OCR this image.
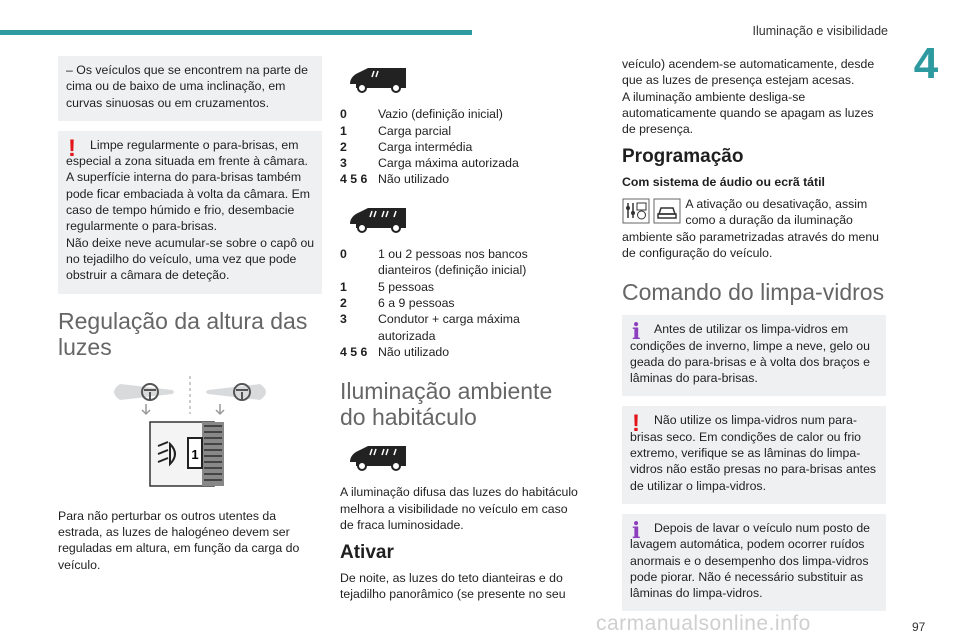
Iluminação e visibilidade
4
– Os veículos que se encontrem na parte de cima ou de baixo de uma inclinação, em curvas sinuosas ou em cruzamentos.
!	Limpe regularmente o para-brisas, em especial a zona situada em frente à câmara.
A superfície interna do para-brisas também pode ficar embaciada à volta da câmara. Em caso de tempo húmido e frio, desembacie regularmente o para-brisas.
Não deixe neve acumular-se sobre o capô ou no tejadilho do veículo, uma vez que pode obstruir a câmara de deteção.
Regulação da altura das luzes
1

Para não perturbar os outros utentes da estrada, as luzes de halogéneo devem ser reguladas em altura, em função da carga do veículo.

0	Vazio (definição inicial)
1	Carga parcial
2	Carga intermédia
3	Carga máxima autorizada
4 5 6 Não utilizado
0	1 ou 2 pessoas nos bancos dianteiros (definição inicial)
1	5 pessoas
2	6 a 9 pessoas
3	Condutor + carga máxima autorizada
4 5 6 Não utilizado
Iluminação ambiente do habitáculo

A iluminação difusa das luzes do habitáculo melhora a visibilidade no veículo em caso de fraca luminosidade.

Ativar

De noite, as luzes do teto dianteiras e do tejadilho panorâmico (se presente no seu

veículo) acendem-se automaticamente, desde que as luzes de presença estejam acesas.

A iluminação ambiente desliga-se automaticamente quando se apagam as luzes de presença.

Programação
Com sistema de áudio ou ecrã tátil

A ativação ou desativação, assim como a duração da iluminação ambiente são parametrizadas através do menu de configuração do veículo.

Comando do limpa-vidros
i	Antes de utilizar os limpa-vidros em condições de inverno, limpe a neve, gelo ou geada do para-brisas e à volta dos braços e lâminas do para-brisas.
!	Não utilize os limpa-vidros num para-brisas seco. Em condições de calor ou frio extremo, verifique se as lâminas do limpa-vidros não estão presas no para-brisas antes de utilizar o limpa-vidros.
i	Depois de lavar o veículo num posto de lavagem automática, podem ocorrer ruídos anormais e o desempenho dos limpa-vidros pode piorar. Não é necessário substituir as lâminas do limpa-vidros.
carmanualsonline.info	97
